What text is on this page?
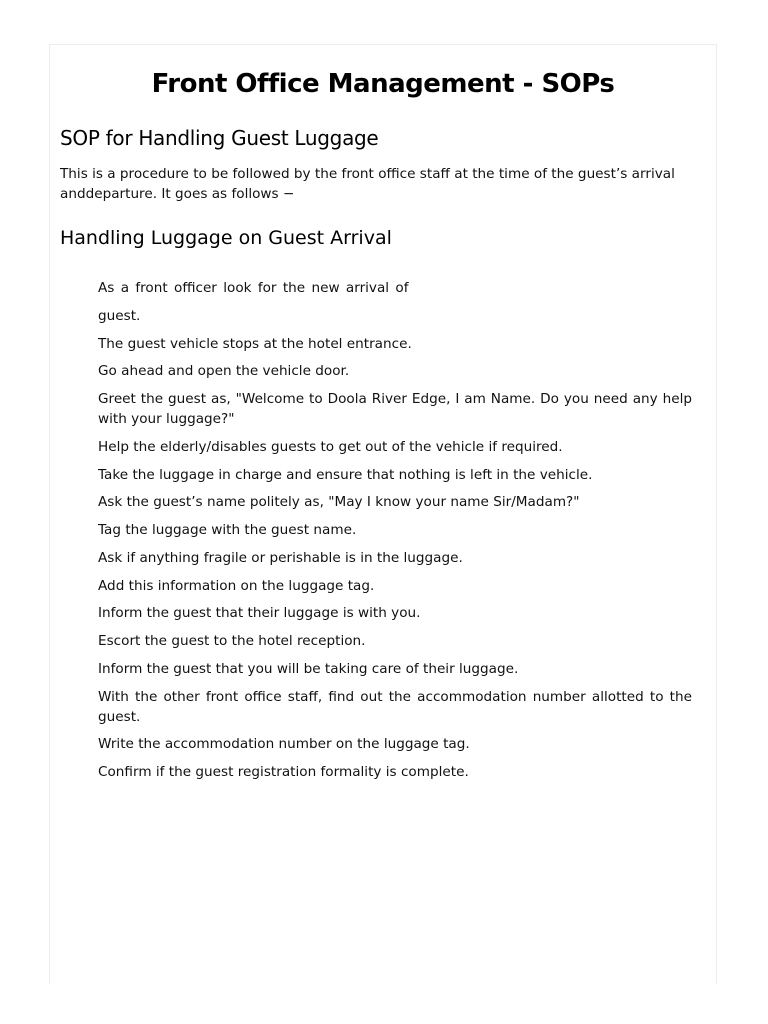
Front Office Management - SOPs
SOP for Handling Guest Luggage

This is a procedure to be followed by the front office staff at the time of the guest’s arrival anddeparture. It goes as follows −

Handling Luggage on Guest Arrival
As a front officer look for the new arrival of
guest.
The guest vehicle stops at the hotel entrance.
Go ahead and open the vehicle door.
Greet the guest as, "Welcome to Doola River Edge, I am Name. Do you need any help with your luggage?"
Help the elderly/disables guests to get out of the vehicle if required.
Take the luggage in charge and ensure that nothing is left in the vehicle.
Ask the guest’s name politely as, "May I know your name Sir/Madam?"
Tag the luggage with the guest name.
Ask if anything fragile or perishable is in the luggage.
Add this information on the luggage tag.
Inform the guest that their luggage is with you.
Escort the guest to the hotel reception.
Inform the guest that you will be taking care of their luggage.
With the other front office staff, find out the accommodation number allotted to the guest.
Write the accommodation number on the luggage tag.
Confirm if the guest registration formality is complete.
